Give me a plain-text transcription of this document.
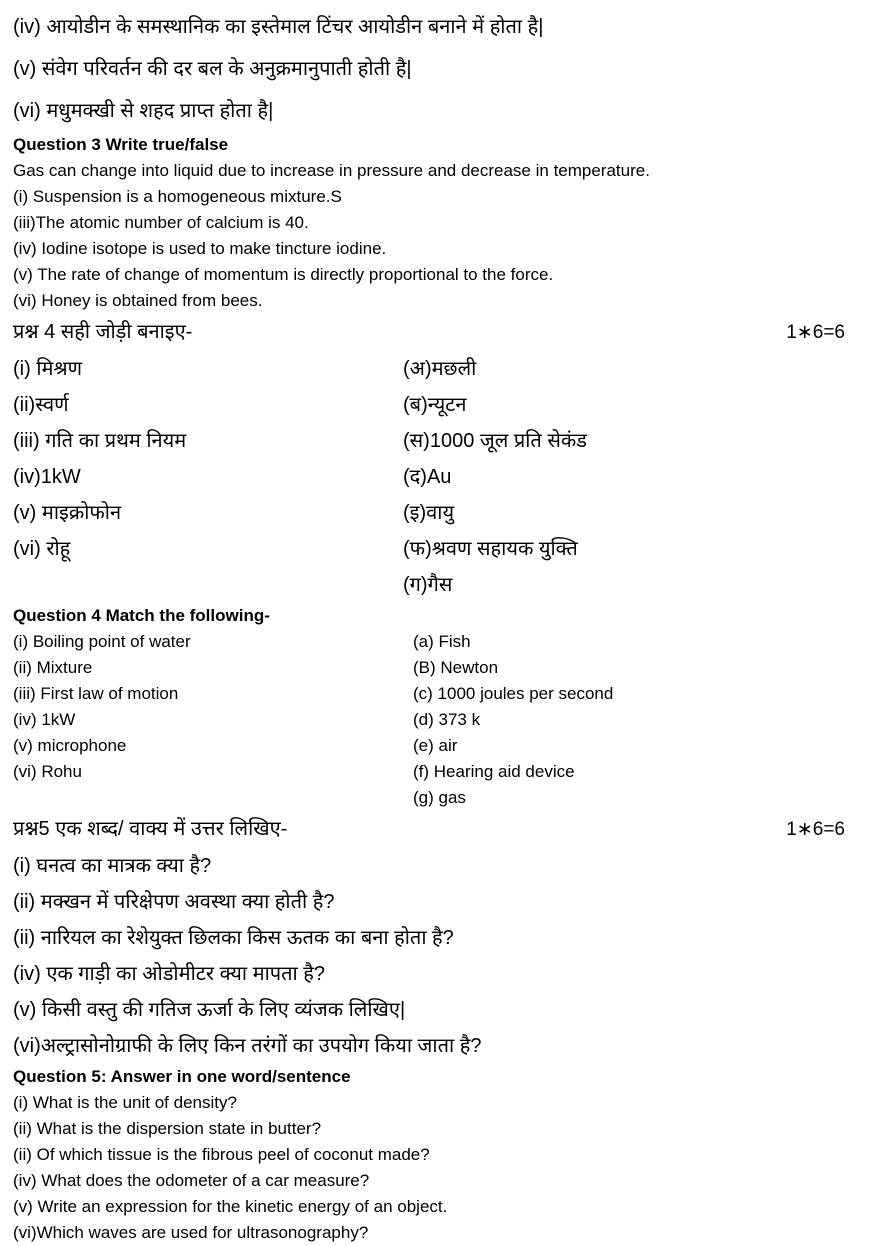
(iv) आयोडीन के समस्थानिक का इस्तेमाल टिंचर आयोडीन बनाने में होता है|
(v) संवेग परिवर्तन की दर बल के अनुक्रमानुपाती होती है|
(vi) मधुमक्खी से शहद प्राप्त होता है|
Question 3 Write true/false
Gas can change into liquid due to increase in pressure and decrease in temperature.
(i) Suspension is a homogeneous mixture.S
(iii)The atomic number of calcium is 40.
(iv) Iodine isotope is used to make tincture iodine.
(v) The rate of change of momentum is directly proportional to the force.
(vi) Honey is obtained from bees.
प्रश्न 4 सही जोड़ी बनाइए-	1∗6=6
(i) मिश्रण	(अ)मछली
(ii)स्वर्ण	(ब)न्यूटन
(iii) गति का प्रथम नियम	(स)1000 जूल प्रति सेकंड
(iv)1kW	(द)Au
(v) माइक्रोफोन	(इ)वायु
(vi) रोहू	(फ)श्रवण सहायक युक्ति
(ग)गैस
Question 4 Match the following-
(i) Boiling point of water	(a) Fish
(ii) Mixture	(B) Newton
(iii) First law of motion	(c) 1000 joules per second
(iv) 1kW	(d) 373 k
(v) microphone	(e) air
(vi) Rohu	(f) Hearing aid device
(g) gas
प्रश्न5 एक शब्द/ वाक्य में उत्तर लिखिए-	1∗6=6
(i) घनत्व का मात्रक क्या है?
(ii) मक्खन में परिक्षेपण अवस्था क्या होती है?
(ii) नारियल का रेशेयुक्त छिलका किस ऊतक का बना होता है?
(iv) एक गाड़ी का ओडोमीटर क्या मापता है?
(v) किसी वस्तु की गतिज ऊर्जा के लिए व्यंजक लिखिए|
(vi)अल्ट्रासोनोग्राफी के लिए किन तरंगों का उपयोग किया जाता है?
Question 5: Answer in one word/sentence
(i) What is the unit of density?
(ii) What is the dispersion state in butter?
(ii) Of which tissue is the fibrous peel of coconut made?
(iv) What does the odometer of a car measure?
(v) Write an expression for the kinetic energy of an object.
(vi)Which waves are used for ultrasonography?
